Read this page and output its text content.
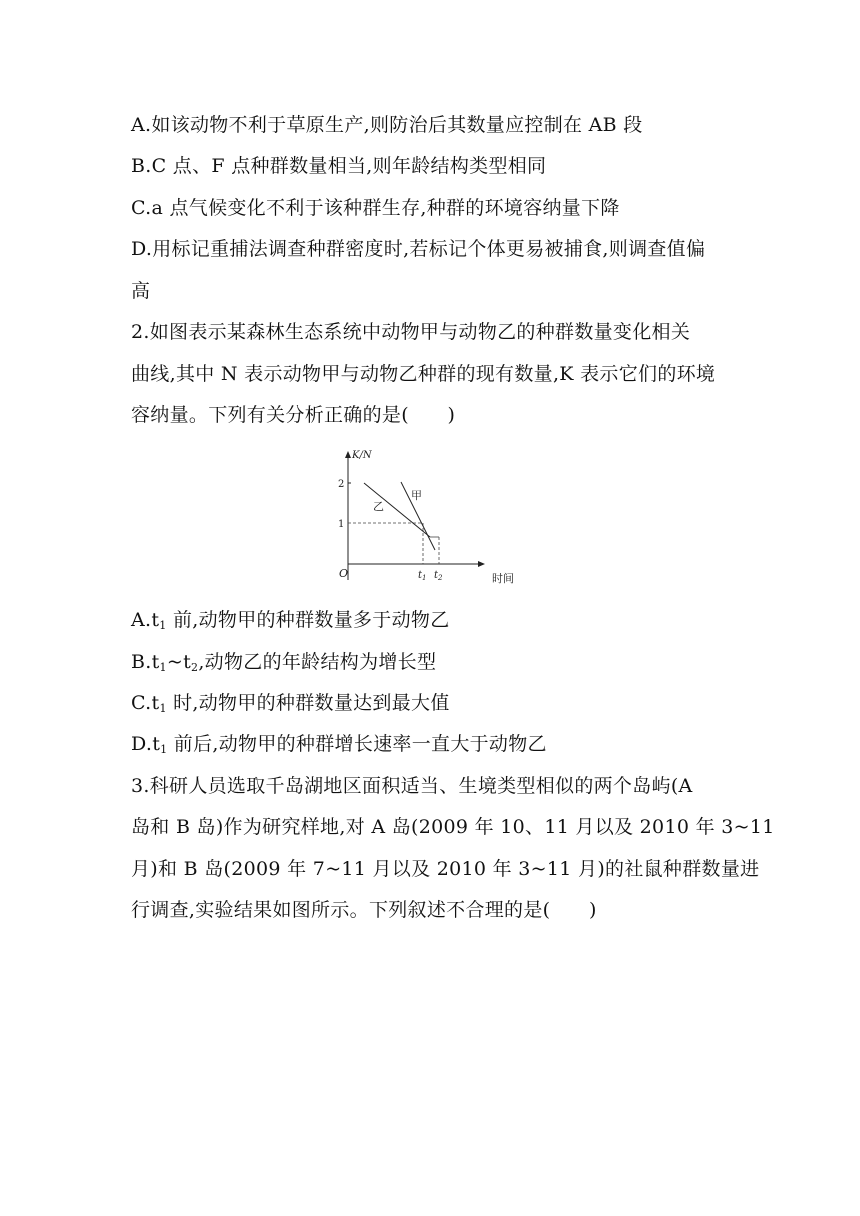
A.如该动物不利于草原生产,则防治后其数量应控制在 AB 段
B.C 点、F 点种群数量相当,则年龄结构类型相同
C.a 点气候变化不利于该种群生存,种群的环境容纳量下降
D.用标记重捕法调查种群密度时,若标记个体更易被捕食,则调查值偏
高
2.如图表示某森林生态系统中动物甲与动物乙的种群数量变化相关
曲线,其中 N 表示动物甲与动物乙种群的现有数量,K 表示它们的环境
容纳量。下列有关分析正确的是(　　)
K/N
时间
O
2
1
甲
乙
$t_1$ $t_2$
$A.t_1$ 前,动物甲的种群数量多于动物乙
$B.t_1\sim t_2$,动物乙的年龄结构为增长型
$C.t_1$ 时,动物甲的种群数量达到最大值
$D.t_1$ 前后,动物甲的种群增长速率一直大于动物乙
3.科研人员选取千岛湖地区面积适当、生境类型相似的两个岛屿(A
岛和 B 岛)作为研究样地,对 A 岛(2009 年 10、11 月以及 2010 年 3~11
月)和 B 岛(2009 年 7~11 月以及 2010 年 3~11 月)的社鼠种群数量进
行调查,实验结果如图所示。下列叙述不合理的是(　　)
